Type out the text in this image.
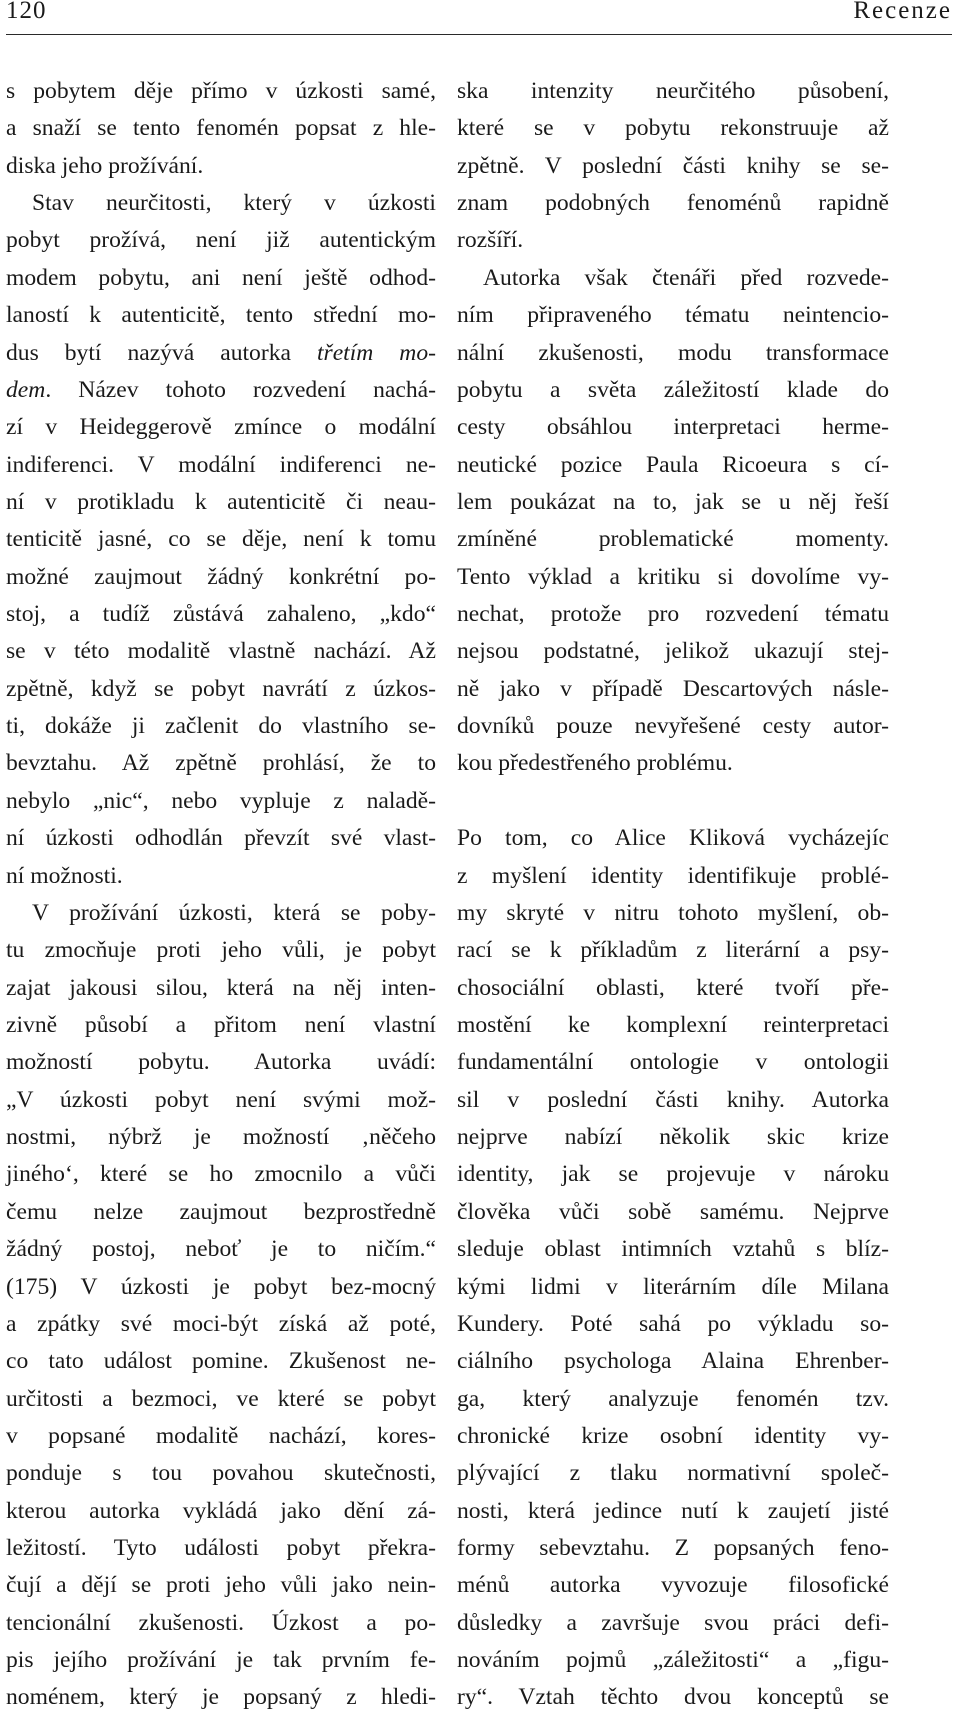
120	Recenze
s pobytem děje přímo v úzkosti samé,
a snaží se tento fenomén popsat z hle-
diska jeho prožívání.
Stav neurčitosti, který v úzkosti
pobyt prožívá, není již autentickým
modem pobytu, ani není ještě odhod-
laností k autenticitě, tento střední mo-
dus bytí nazývá autorka třetím mo-
dem. Název tohoto rozvedení nachá-
zí v Heideggerově zmínce o modální
indiferenci. V modální indiferenci ne-
ní v protikladu k autenticitě či neau-
tenticitě jasné, co se děje, není k tomu
možné zaujmout žádný konkrétní po-
stoj, a tudíž zůstává zahaleno, „kdo“
se v této modalitě vlastně nachází. Až
zpětně, když se pobyt navrátí z úzkos-
ti, dokáže ji začlenit do vlastního se-
bevztahu. Až zpětně prohlásí, že to
nebylo „nic“, nebo vypluje z naladě-
ní úzkosti odhodlán převzít své vlast-
ní možnosti.
V prožívání úzkosti, která se poby-
tu zmocňuje proti jeho vůli, je pobyt
zajat jakousi silou, která na něj inten-
zivně působí a přitom není vlastní
možností pobytu. Autorka uvádí:
„V úzkosti pobyt není svými mož-
nostmi, nýbrž je možností ‚něčeho
jiného‘, které se ho zmocnilo a vůči
čemu nelze zaujmout bezprostředně
žádný postoj, neboť je to ničím.“
(175) V úzkosti je pobyt bez-mocný
a zpátky své moci-být získá až poté,
co tato událost pomine. Zkušenost ne-
určitosti a bezmoci, ve které se pobyt
v popsané modalitě nachází, kores-
ponduje s tou povahou skutečnosti,
kterou autorka vykládá jako dění zá-
ležitostí. Tyto události pobyt překra-
čují a dějí se proti jeho vůli jako nein-
tencionální zkušenosti. Úzkost a po-
pis jejího prožívání je tak prvním fe-
noménem, který je popsaný z hledi-
ska intenzity neurčitého působení,
které se v pobytu rekonstruuje až
zpětně. V poslední části knihy se se-
znam podobných fenoménů rapidně
rozšíří.
Autorka však čtenáři před rozvede-
ním připraveného tématu neintencio-
nální zkušenosti, modu transformace
pobytu a světa záležitostí klade do
cesty obsáhlou interpretaci herme-
neutické pozice Paula Ricoeura s cí-
lem poukázat na to, jak se u něj řeší
zmíněné problematické momenty.
Tento výklad a kritiku si dovolíme vy-
nechat, protože pro rozvedení tématu
nejsou podstatné, jelikož ukazují stej-
ně jako v případě Descartových násle-
dovníků pouze nevyřešené cesty autor-
kou předestřeného problému.
Po tom, co Alice Kliková vycházejíc
z myšlení identity identifikuje problé-
my skryté v nitru tohoto myšlení, ob-
rací se k příkladům z literární a psy-
chosociální oblasti, které tvoří pře-
mostění ke komplexní reinterpretaci
fundamentální ontologie v ontologii
sil v poslední části knihy. Autorka
nejprve nabízí několik skic krize
identity, jak se projevuje v nároku
člověka vůči sobě samému. Nejprve
sleduje oblast intimních vztahů s blíz-
kými lidmi v literárním díle Milana
Kundery. Poté sahá po výkladu so-
ciálního psychologa Alaina Ehrenber-
ga, který analyzuje fenomén tzv.
chronické krize osobní identity vy-
plývající z tlaku normativní společ-
nosti, která jedince nutí k zaujetí jisté
formy sebevztahu. Z popsaných feno-
ménů autorka vyvozuje filosofické
důsledky a završuje svou práci defi-
nováním pojmů „záležitosti“ a „figu-
ry“. Vztah těchto dvou konceptů se
